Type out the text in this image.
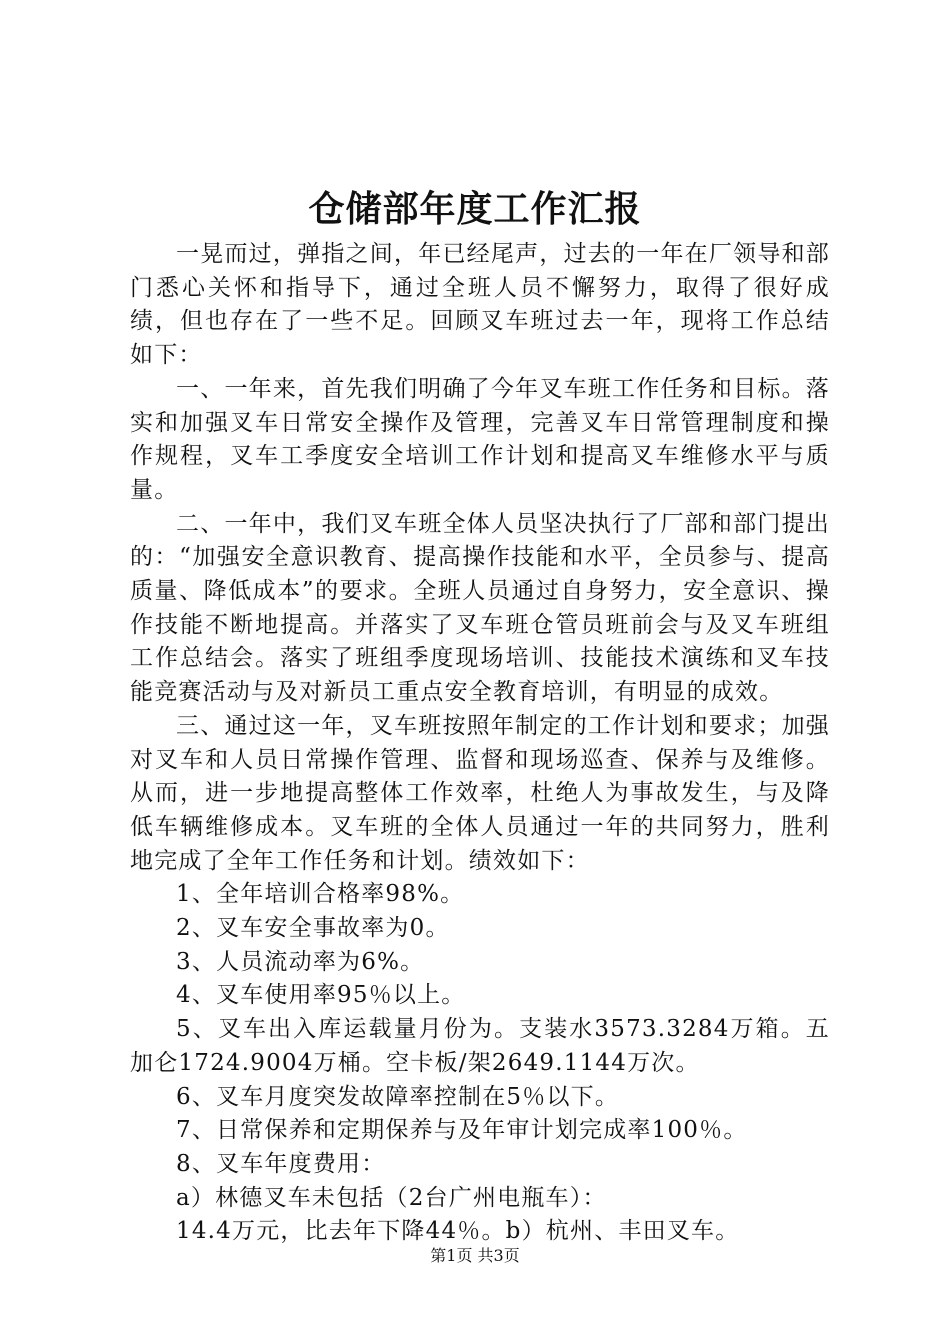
仓储部年度工作汇报

一晃而过，弹指之间，年已经尾声，过去的一年在厂领导和部门悉心关怀和指导下，通过全班人员不懈努力，取得了很好成绩，但也存在了一些不足。回顾叉车班过去一年，现将工作总结如下：

一、一年来，首先我们明确了今年叉车班工作任务和目标。落实和加强叉车日常安全操作及管理，完善叉车日常管理制度和操作规程，叉车工季度安全培训工作计划和提高叉车维修水平与质量。

二、一年中，我们叉车班全体人员坚决执行了厂部和部门提出的：“加强安全意识教育、提高操作技能和水平，全员参与、提高质量、降低成本”的要求。全班人员通过自身努力，安全意识、操作技能不断地提高。并落实了叉车班仓管员班前会与及叉车班组工作总结会。落实了班组季度现场培训、技能技术演练和叉车技能竞赛活动与及对新员工重点安全教育培训，有明显的成效。

三、通过这一年，叉车班按照年制定的工作计划和要求；加强对叉车和人员日常操作管理、监督和现场巡查、保养与及维修。从而，进一步地提高整体工作效率，杜绝人为事故发生，与及降低车辆维修成本。叉车班的全体人员通过一年的共同努力，胜利地完成了全年工作任务和计划。绩效如下：

1、全年培训合格率98%。

2、叉车安全事故率为0。

3、人员流动率为6%。

4、叉车使用率95％以上。

5、叉车出入库运载量月份为。支装水3573.3284万箱。五加仑1724.9004万桶。空卡板/架2649.1144万次。

6、叉车月度突发故障率控制在5％以下。

7、日常保养和定期保养与及年审计划完成率100％。

8、叉车年度费用：

a）林德叉车未包括（2台广州电瓶车）：

14.4万元，比去年下降44％。b）杭州、丰田叉车。

第1页 共3页
